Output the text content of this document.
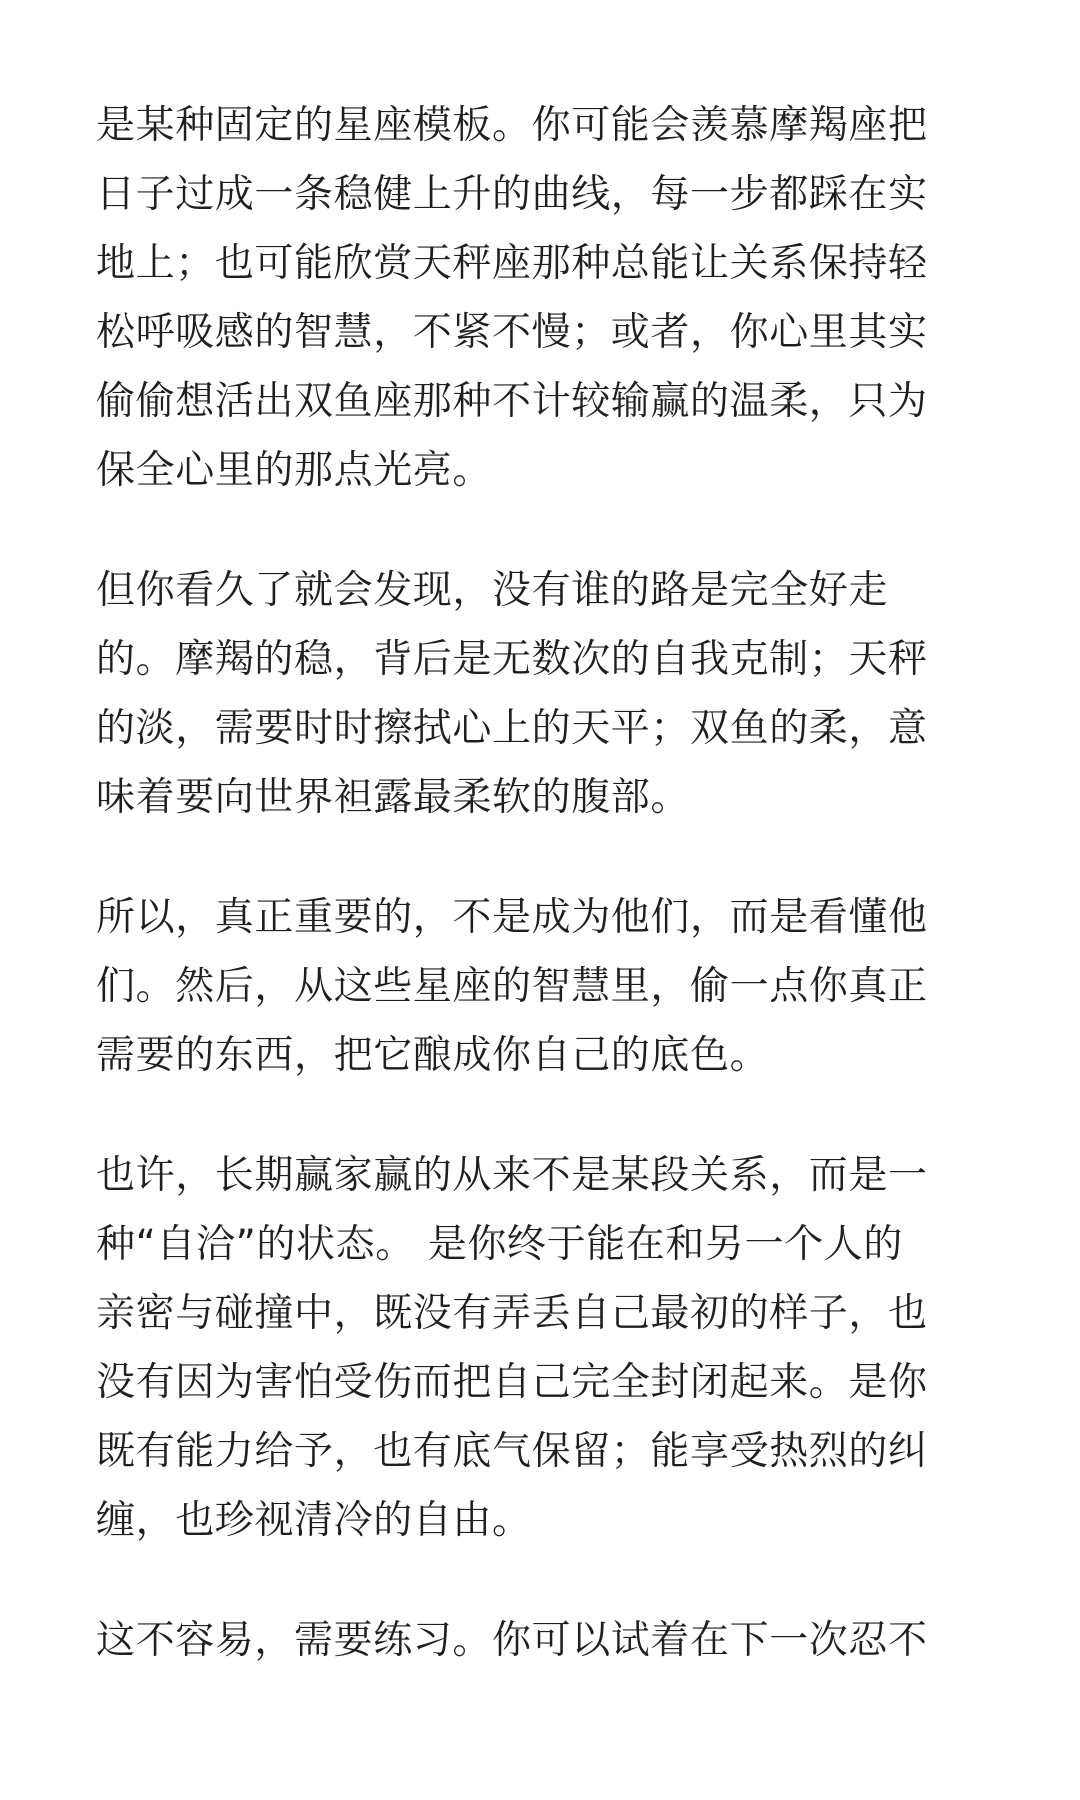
是某种固定的星座模板。你可能会羡慕摩羯座把
日子过成一条稳健上升的曲线，每一步都踩在实
地上；也可能欣赏天秤座那种总能让关系保持轻
松呼吸感的智慧，不紧不慢；或者，你心里其实
偷偷想活出双鱼座那种不计较输赢的温柔，只为
保全心里的那点光亮。

但你看久了就会发现，没有谁的路是完全好走
的。摩羯的稳，背后是无数次的自我克制；天秤
的淡，需要时时擦拭心上的天平；双鱼的柔，意
味着要向世界袒露最柔软的腹部。

所以，真正重要的，不是成为他们，而是看懂他
们。然后，从这些星座的智慧里，偷一点你真正
需要的东西，把它酿成你自己的底色。

也许，长期赢家赢的从来不是某段关系，而是一
种“自洽”的状态。 是你终于能在和另一个人的
亲密与碰撞中，既没有弄丢自己最初的样子，也
没有因为害怕受伤而把自己完全封闭起来。是你
既有能力给予，也有底气保留；能享受热烈的纠
缠，也珍视清冷的自由。

这不容易，需要练习。你可以试着在下一次忍不
